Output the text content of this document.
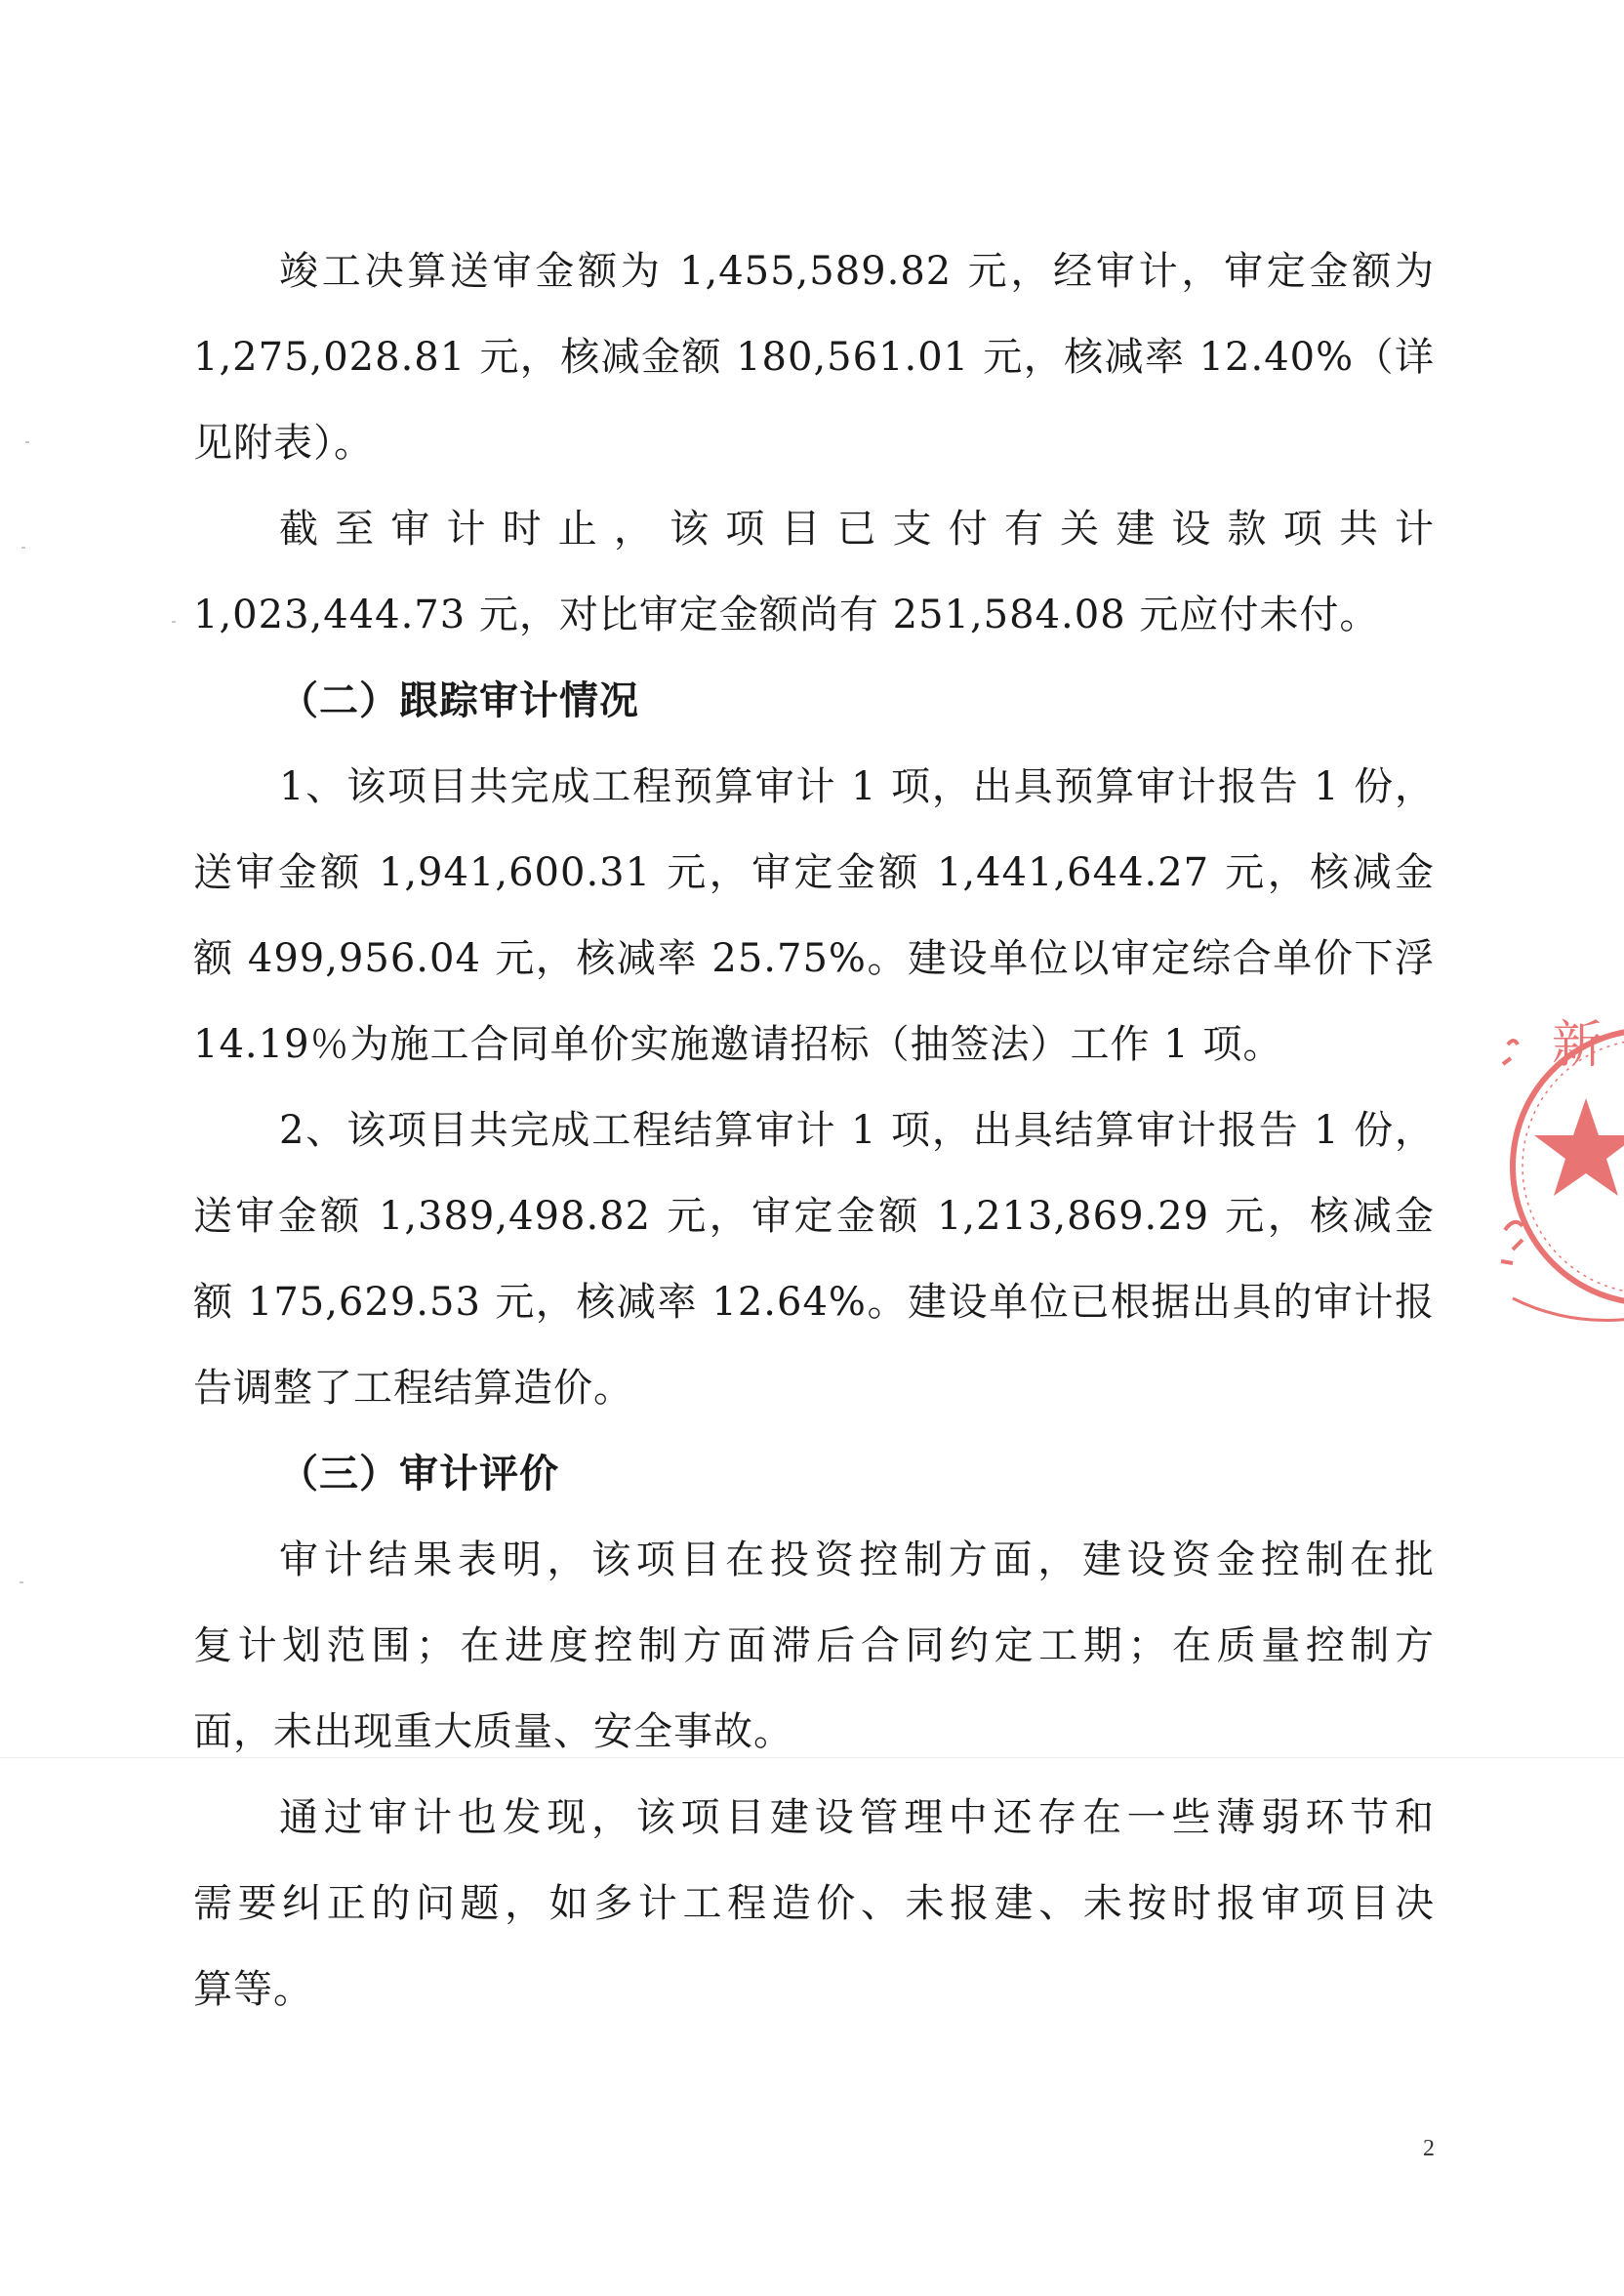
竣工决算送审金额为 1,455,589.82 元，经审计，审定金额为
1,275,028.81 元，核减金额 180,561.01 元，核减率 12.40%（详
见附表）。
截至审计时止，该项目已支付有关建设款项共计
1,023,444.73 元，对比审定金额尚有 251,584.08 元应付未付。
（二）跟踪审计情况
1、该项目共完成工程预算审计 1 项，出具预算审计报告 1 份，
送审金额 1,941,600.31 元，审定金额 1,441,644.27 元，核减金
额 499,956.04 元，核减率 25.75%。建设单位以审定综合单价下浮
14.19％为施工合同单价实施邀请招标（抽签法）工作 1 项。
2、该项目共完成工程结算审计 1 项，出具结算审计报告 1 份，
送审金额 1,389,498.82 元，审定金额 1,213,869.29 元，核减金
额 175,629.53 元，核减率 12.64%。建设单位已根据出具的审计报
告调整了工程结算造价。
（三）审计评价
审计结果表明，该项目在投资控制方面，建设资金控制在批
复计划范围；在进度控制方面滞后合同约定工期；在质量控制方
面，未出现重大质量、安全事故。
通过审计也发现，该项目建设管理中还存在一些薄弱环节和
需要纠正的问题，如多计工程造价、未报建、未按时报审项目决
算等。
新
2
